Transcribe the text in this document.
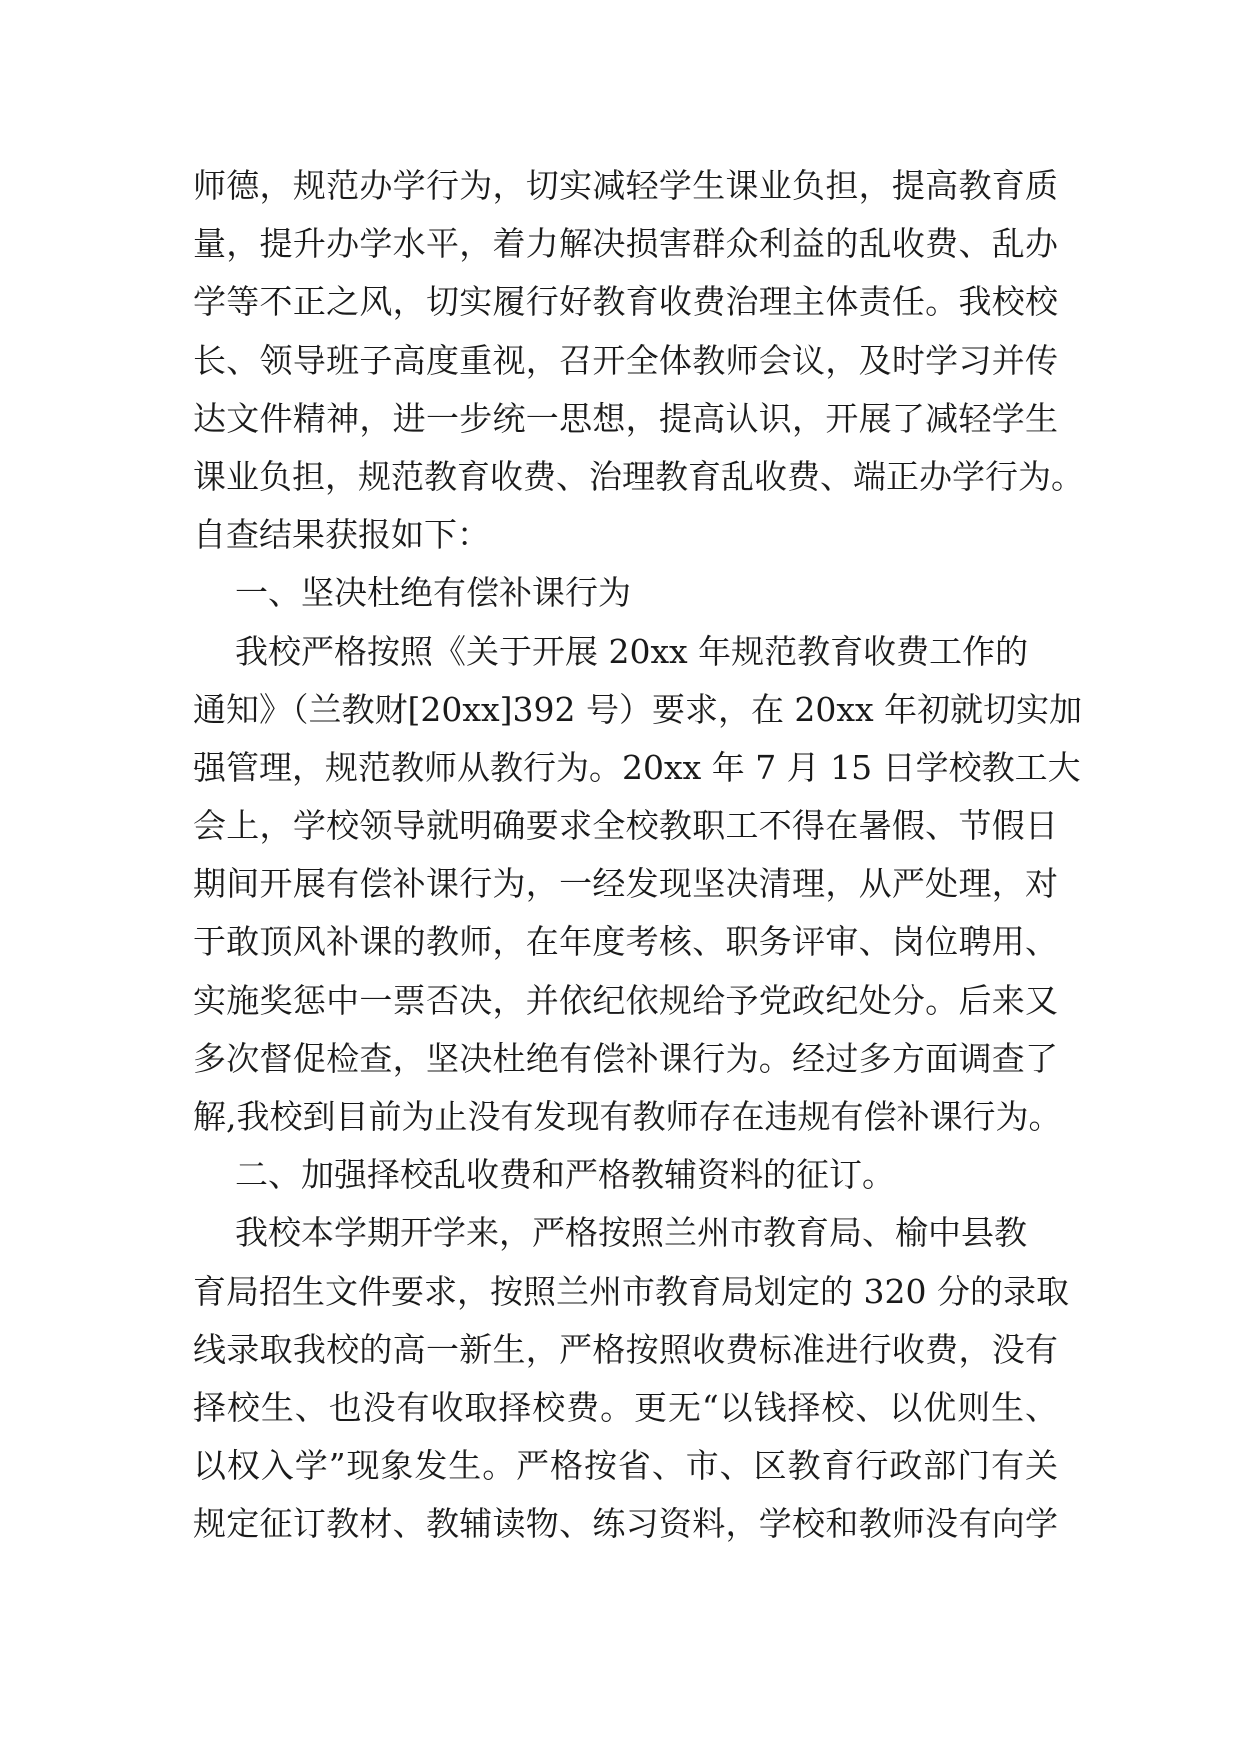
师德，规范办学行为，切实减轻学生课业负担，提高教育质
量，提升办学水平，着力解决损害群众利益的乱收费、乱办
学等不正之风，切实履行好教育收费治理主体责任。我校校
长、领导班子高度重视，召开全体教师会议，及时学习并传
达文件精神，进一步统一思想，提高认识，开展了减轻学生
课业负担，规范教育收费、治理教育乱收费、端正办学行为。
自查结果获报如下：
一、坚决杜绝有偿补课行为
我校严格按照《关于开展 20xx 年规范教育收费工作的
通知》（兰教财[20xx]392 号）要求，在 20xx 年初就切实加
强管理，规范教师从教行为。20xx 年 7 月 15 日学校教工大
会上，学校领导就明确要求全校教职工不得在暑假、节假日
期间开展有偿补课行为，一经发现坚决清理，从严处理，对
于敢顶风补课的教师，在年度考核、职务评审、岗位聘用、
实施奖惩中一票否决，并依纪依规给予党政纪处分。后来又
多次督促检查，坚决杜绝有偿补课行为。经过多方面调查了
解,我校到目前为止没有发现有教师存在违规有偿补课行为。
二、加强择校乱收费和严格教辅资料的征订。
我校本学期开学来，严格按照兰州市教育局、榆中县教
育局招生文件要求，按照兰州市教育局划定的 320 分的录取
线录取我校的高一新生，严格按照收费标准进行收费，没有
择校生、也没有收取择校费。更无“以钱择校、以优则生、
以权入学”现象发生。严格按省、市、区教育行政部门有关
规定征订教材、教辅读物、练习资料，学校和教师没有向学
